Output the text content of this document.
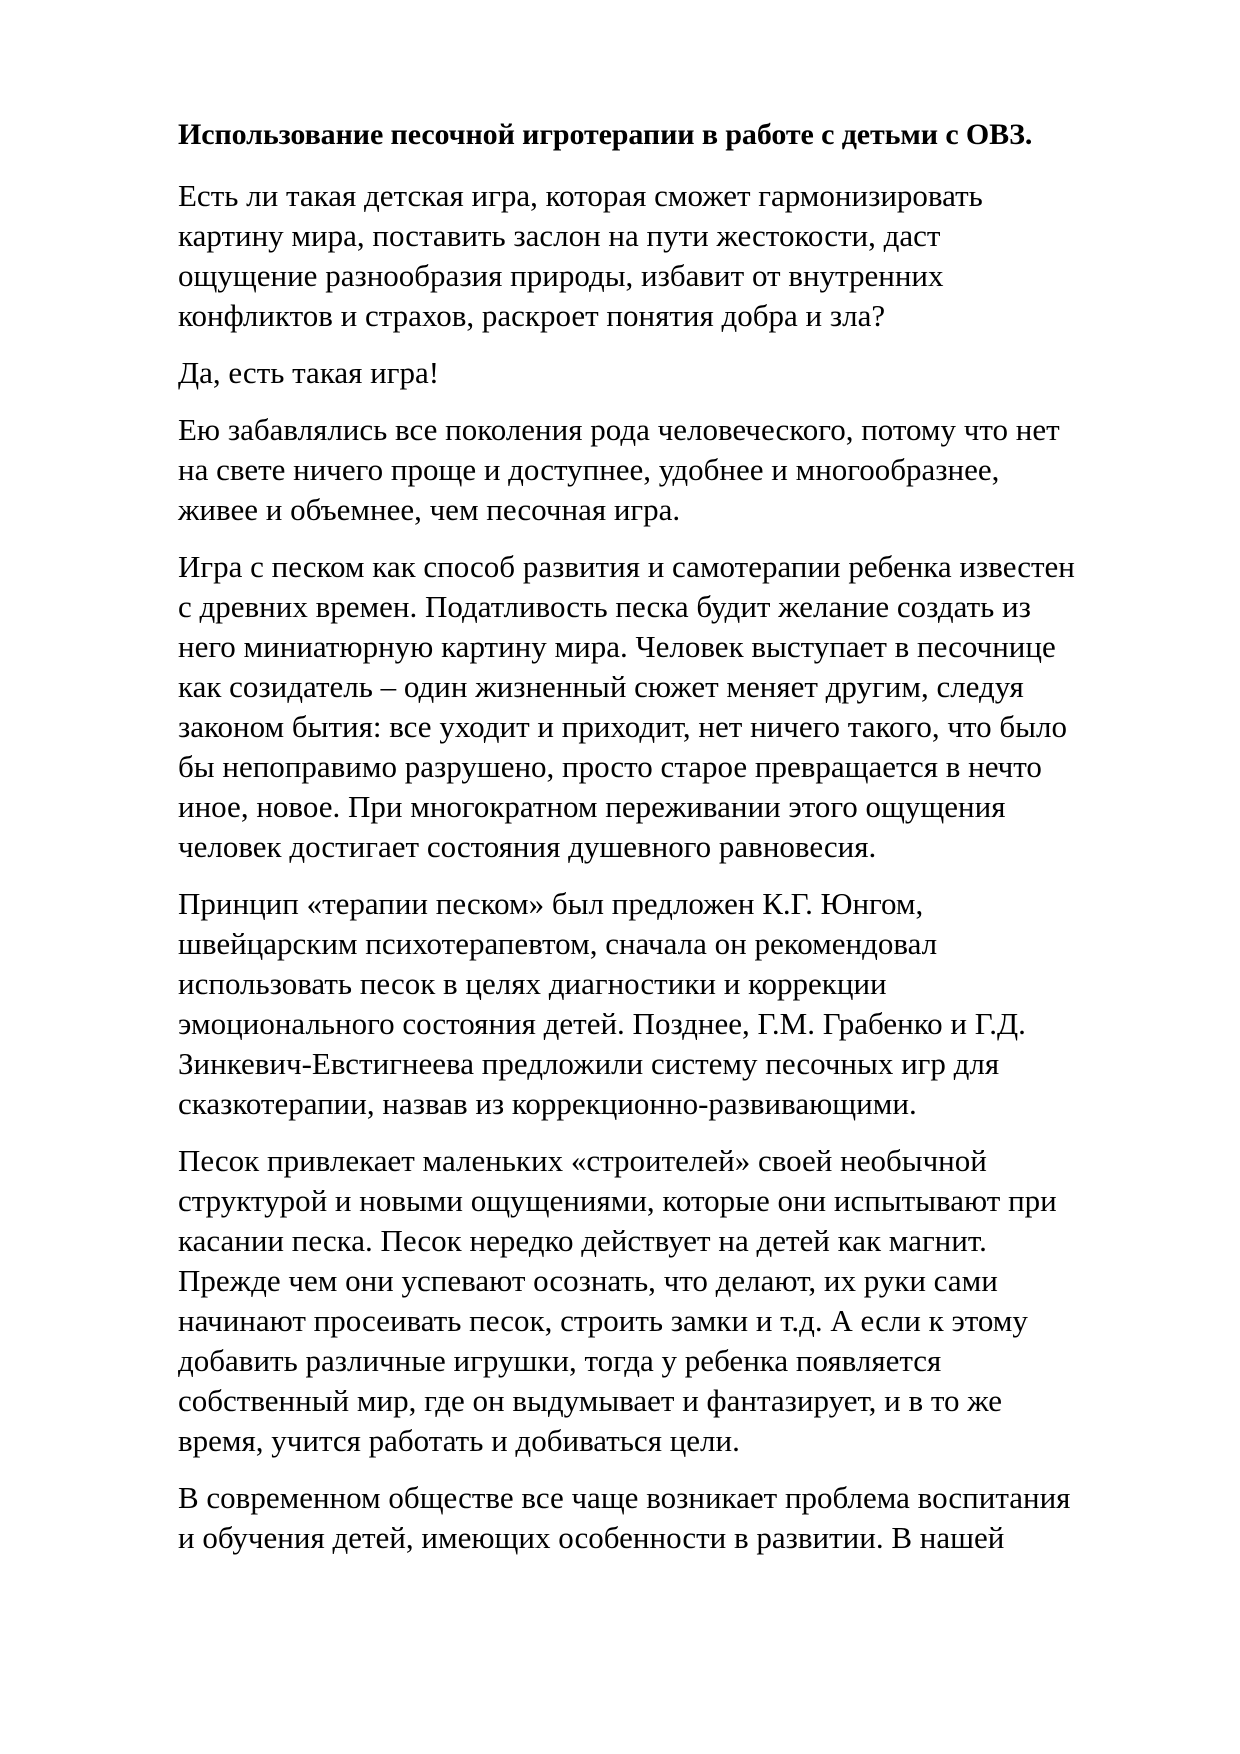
Использование песочной игротерапии в работе с детьми с ОВЗ.
Есть ли такая детская игра, которая сможет гармонизировать
картину мира, поставить заслон на пути жестокости, даст
ощущение разнообразия природы, избавит от внутренних
конфликтов и страхов, раскроет понятия добра и зла?
Да, есть такая игра!
Ею забавлялись все поколения рода человеческого, потому что нет
на свете ничего проще и доступнее, удобнее и многообразнее,
живее и объемнее, чем песочная игра.
Игра с песком как способ развития и самотерапии ребенка известен
с древних времен. Податливость песка будит желание создать из
него миниатюрную картину мира. Человек выступает в песочнице
как созидатель – один жизненный сюжет меняет другим, следуя
законом бытия: все уходит и приходит, нет ничего такого, что было
бы непоправимо разрушено, просто старое превращается в нечто
иное, новое. При многократном переживании этого ощущения
человек достигает состояния душевного равновесия.
Принцип «терапии песком» был предложен К.Г. Юнгом,
швейцарским психотерапевтом, сначала он рекомендовал
использовать песок в целях диагностики и коррекции
эмоционального состояния детей. Позднее, Г.М. Грабенко и Г.Д.
Зинкевич-Евстигнеева предложили систему песочных игр для
сказкотерапии, назвав из коррекционно-развивающими.
Песок привлекает маленьких «строителей» своей необычной
структурой и новыми ощущениями, которые они испытывают при
касании песка. Песок нередко действует на детей как магнит.
Прежде чем они успевают осознать, что делают, их руки сами
начинают просеивать песок, строить замки и т.д. А если к этому
добавить различные игрушки, тогда у ребенка появляется
собственный мир, где он выдумывает и фантазирует, и в то же
время, учится работать и добиваться цели.
В современном обществе все чаще возникает проблема воспитания
и обучения детей, имеющих особенности в развитии. В нашей
